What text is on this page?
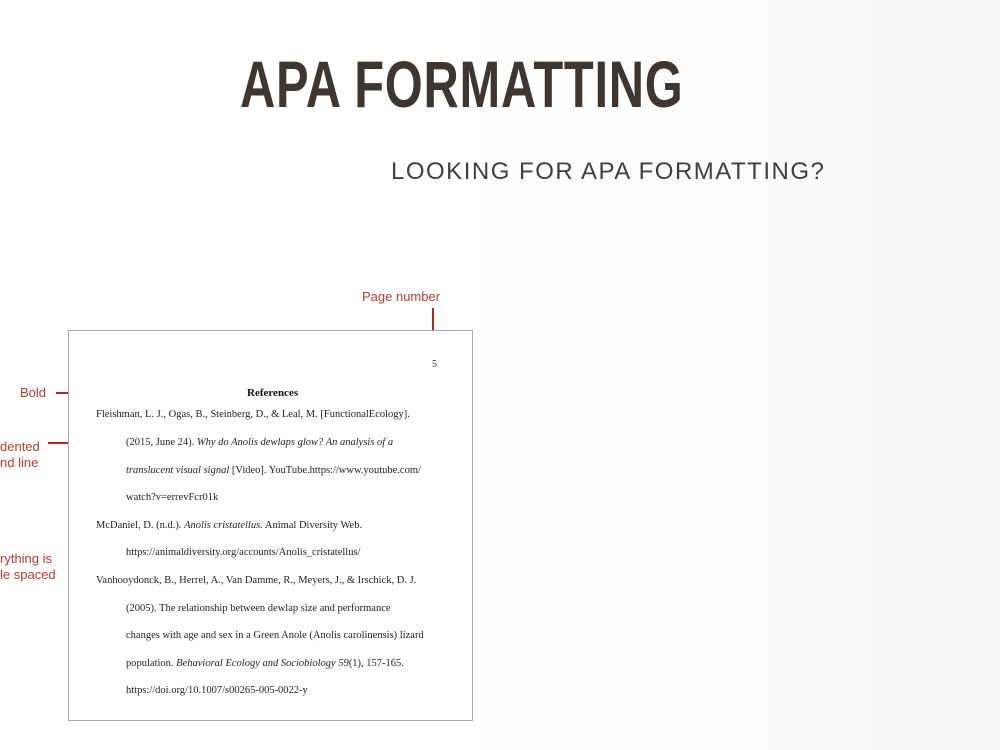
APA FORMATTING
LOOKING FOR APA FORMATTING?
Page number
Bold
dented
nd line
rything is
le spaced
5
References
Fleishman, L. J., Ogas, B., Steinberg, D., & Leal, M. [FunctionalEcology].
(2015, June 24). Why do Anolis dewlaps glow? An analysis of a
translucent visual signal [Video]. YouTube.https://www.youtube.com/
watch?v=errevFcr01k
McDaniel, D. (n.d.). Anolis cristatellus. Animal Diversity Web.
https://animaldiversity.org/accounts/Anolis_cristatellus/
Vanhooydonck, B., Herrel, A., Van Damme, R., Meyers, J., & Irschick, D. J.
(2005). The relationship between dewlap size and performance
changes with age and sex in a Green Anole (Anolis carolinensis) lizard
population. Behavioral Ecology and Sociobiology 59(1), 157-165.
https://doi.org/10.1007/s00265-005-0022-y
